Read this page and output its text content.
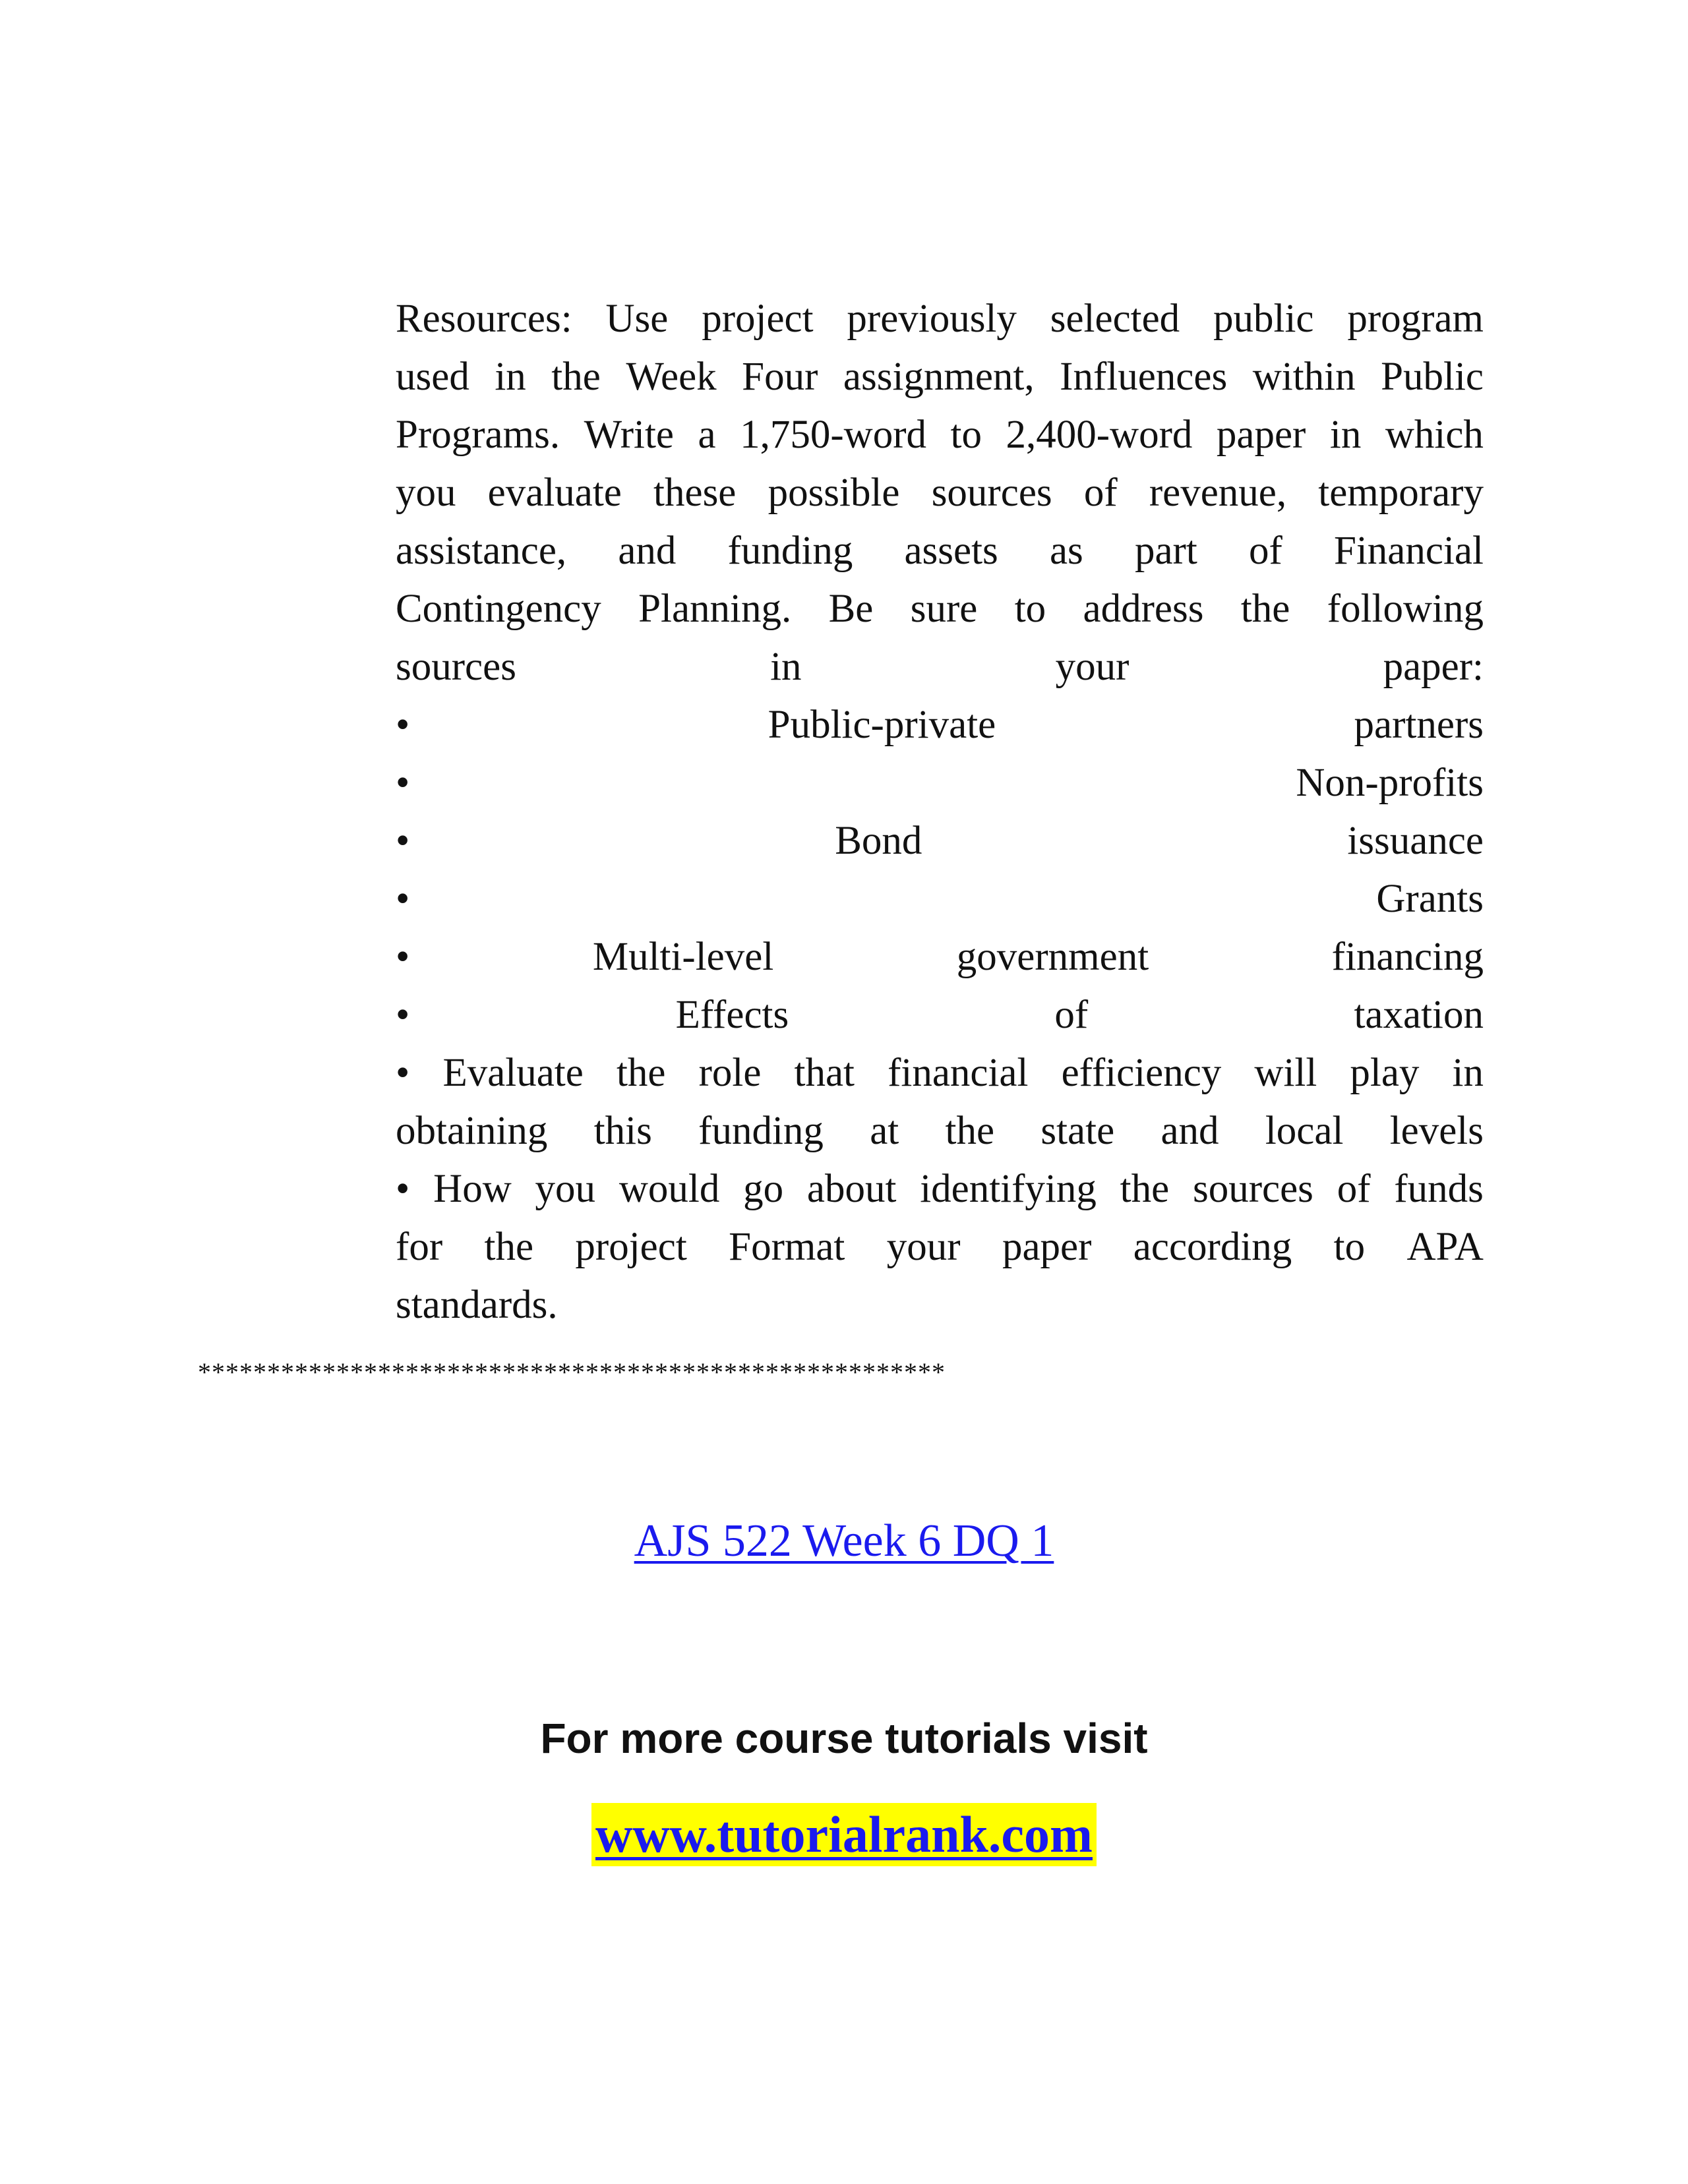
Resources: Use project previously selected public program
used in the Week Four assignment, Influences within Public
Programs. Write a 1,750-word to 2,400-word paper in which
you evaluate these possible sources of revenue, temporary
assistance, and funding assets as part of Financial
Contingency Planning. Be sure to address the following
sources	in	your	paper:
•	Public-private	partners
•	Non-profits
•	Bond	issuance
•	Grants
•	Multi-level	government	financing
•	Effects	of	taxation
• Evaluate the role that financial efficiency will play in
obtaining this funding at the state and local levels
• How you would go about identifying the sources of funds
for the project Format your paper according to APA
standards.
******************************************************
AJS 522 Week 6 DQ 1
For more course tutorials visit
www.tutorialrank.com
